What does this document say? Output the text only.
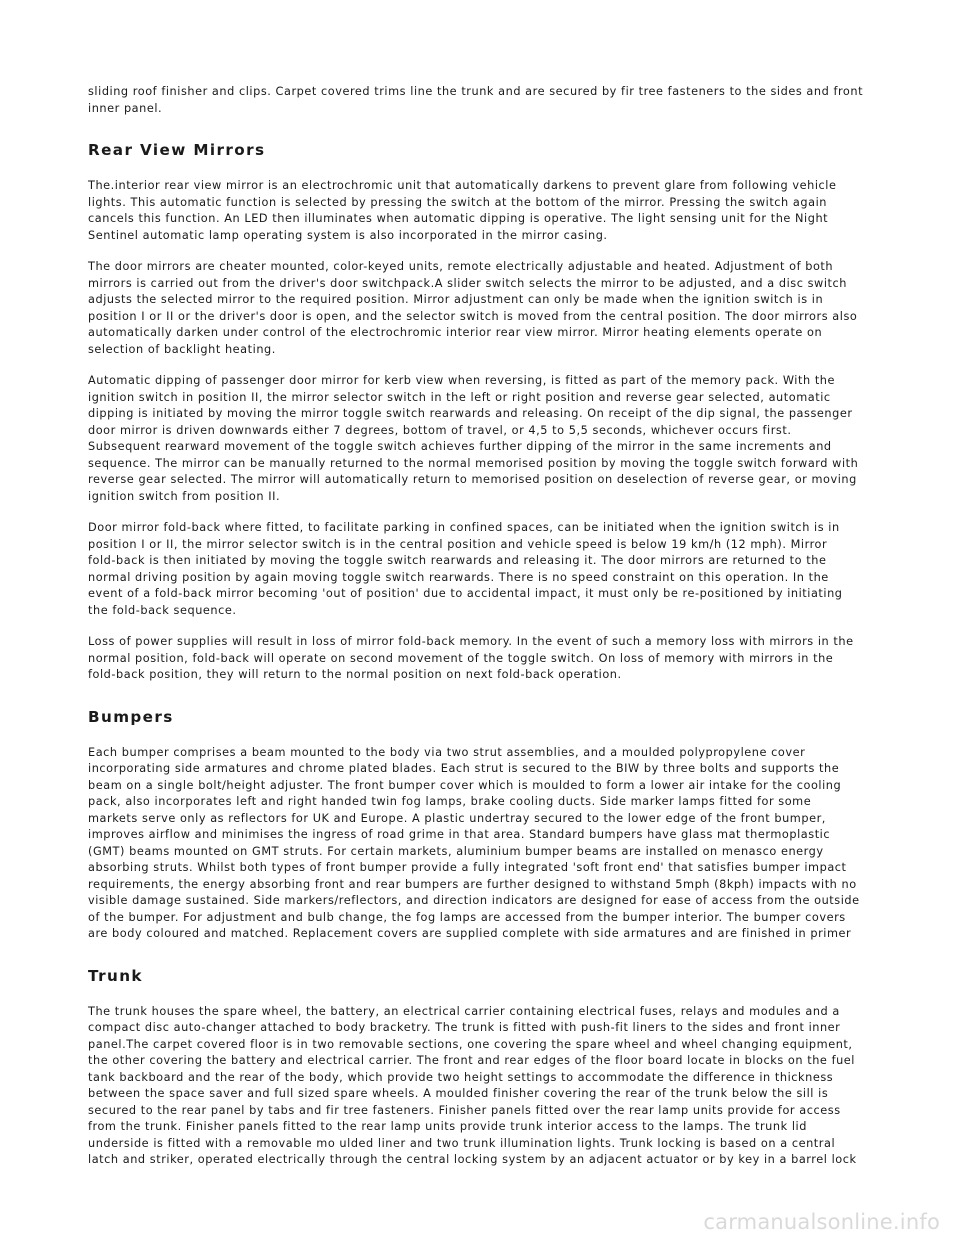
sliding roof finisher and clips. Carpet covered trims line the trunk and are secured by fir tree fasteners to the sides and front
inner panel.

Rear View Mirrors

The.interior rear view mirror is an electrochromic unit that automatically darkens to prevent glare from following vehicle
lights. This automatic function is selected by pressing the switch at the bottom of the mirror. Pressing the switch again
cancels this function. An LED then illuminates when automatic dipping is operative. The light sensing unit for the Night
Sentinel automatic lamp operating system is also incorporated in the mirror casing.

The door mirrors are cheater mounted, color-keyed units, remote electrically adjustable and heated. Adjustment of both
mirrors is carried out from the driver's door switchpack.A slider switch selects the mirror to be adjusted, and a disc switch
adjusts the selected mirror to the required position. Mirror adjustment can only be made when the ignition switch is in
position I or II or the driver's door is open, and the selector switch is moved from the central position. The door mirrors also
automatically darken under control of the electrochromic interior rear view mirror. Mirror heating elements operate on
selection of backlight heating.

Automatic dipping of passenger door mirror for kerb view when reversing, is fitted as part of the memory pack. With the
ignition switch in position II, the mirror selector switch in the left or right position and reverse gear selected, automatic
dipping is initiated by moving the mirror toggle switch rearwards and releasing. On receipt of the dip signal, the passenger
door mirror is driven downwards either 7 degrees, bottom of travel, or 4,5 to 5,5 seconds, whichever occurs first.
Subsequent rearward movement of the toggle switch achieves further dipping of the mirror in the same increments and
sequence. The mirror can be manually returned to the normal memorised position by moving the toggle switch forward with
reverse gear selected. The mirror will automatically return to memorised position on deselection of reverse gear, or moving
ignition switch from position II.

Door mirror fold-back where fitted, to facilitate parking in confined spaces, can be initiated when the ignition switch is in
position I or II, the mirror selector switch is in the central position and vehicle speed is below 19 km/h (12 mph). Mirror
fold-back is then initiated by moving the toggle switch rearwards and releasing it. The door mirrors are returned to the
normal driving position by again moving toggle switch rearwards. There is no speed constraint on this operation. In the
event of a fold-back mirror becoming 'out of position' due to accidental impact, it must only be re-positioned by initiating
the fold-back sequence.

Loss of power supplies will result in loss of mirror fold-back memory. In the event of such a memory loss with mirrors in the
normal position, fold-back will operate on second movement of the toggle switch. On loss of memory with mirrors in the
fold-back position, they will return to the normal position on next fold-back operation.

Bumpers

Each bumper comprises a beam mounted to the body via two strut assemblies, and a moulded polypropylene cover
incorporating side armatures and chrome plated blades. Each strut is secured to the BIW by three bolts and supports the
beam on a single bolt/height adjuster. The front bumper cover which is moulded to form a lower air intake for the cooling
pack, also incorporates left and right handed twin fog lamps, brake cooling ducts. Side marker lamps fitted for some
markets serve only as reflectors for UK and Europe. A plastic undertray secured to the lower edge of the front bumper,
improves airflow and minimises the ingress of road grime in that area. Standard bumpers have glass mat thermoplastic
(GMT) beams mounted on GMT struts. For certain markets, aluminium bumper beams are installed on menasco energy
absorbing struts. Whilst both types of front bumper provide a fully integrated 'soft front end' that satisfies bumper impact
requirements, the energy absorbing front and rear bumpers are further designed to withstand 5mph (8kph) impacts with no
visible damage sustained. Side markers/reflectors, and direction indicators are designed for ease of access from the outside
of the bumper. For adjustment and bulb change, the fog lamps are accessed from the bumper interior. The bumper covers
are body coloured and matched. Replacement covers are supplied complete with side armatures and are finished in primer

Trunk

The trunk houses the spare wheel, the battery, an electrical carrier containing electrical fuses, relays and modules and a
compact disc auto-changer attached to body bracketry. The trunk is fitted with push-fit liners to the sides and front inner
panel.The carpet covered floor is in two removable sections, one covering the spare wheel and wheel changing equipment,
the other covering the battery and electrical carrier. The front and rear edges of the floor board locate in blocks on the fuel
tank backboard and the rear of the body, which provide two height settings to accommodate the difference in thickness
between the space saver and full sized spare wheels. A moulded finisher covering the rear of the trunk below the sill is
secured to the rear panel by tabs and fir tree fasteners. Finisher panels fitted over the rear lamp units provide for access
from the trunk. Finisher panels fitted to the rear lamp units provide trunk interior access to the lamps. The trunk lid
underside is fitted with a removable mo ulded liner and two trunk illumination lights. Trunk locking is based on a central
latch and striker, operated electrically through the central locking system by an adjacent actuator or by key in a barrel lock

carmanualsonline.info
